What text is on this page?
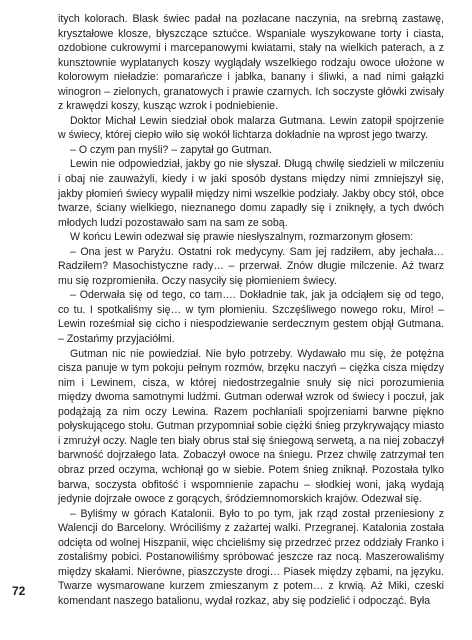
itych kolorach. Blask świec padał na pozłacane naczynia, na srebrną zastawę, kryształowe klosze, błyszczące sztućce. Wspaniale wyszykowane torty i ciasta, ozdobione cukrowymi i marcepanowymi kwiatami, stały na wielkich paterach, a z kunsztownie wyplatanych koszy wyglądały wszelkiego rodzaju owoce ułożone w kolorowym nieładzie: pomarańcze i jabłka, banany i śliwki, a nad nimi gałązki winogron – zielonych, granatowych i prawie czarnych. Ich soczyste główki zwisały z krawędzi koszy, kusząc wzrok i podniebienie.

Doktor Michał Lewin siedział obok malarza Gutmana. Lewin zatopił spojrzenie w świecy, której ciepło wiło się wokół lichtarza dokładnie na wprost jego twarzy.

– O czym pan myśli? – zapytał go Gutman.

Lewin nie odpowiedział, jakby go nie słyszał. Długą chwilę siedzieli w milczeniu i obaj nie zauważyli, kiedy i w jaki sposób dystans między nimi zmniejszył się, jakby płomień świecy wypalił między nimi wszelkie podziały. Jakby obcy stół, obce twarze, ściany wielkiego, nieznanego domu zapadły się i zniknęły, a tych dwóch młodych ludzi pozostawało sam na sam ze sobą.

W końcu Lewin odezwał się prawie niesłyszalnym, rozmarzonym głosem:

– Ona jest w Paryżu. Ostatni rok medycyny. Sam jej radziłem, aby jechała… Radziłem? Masochistyczne rady… – przerwał. Znów długie milczenie. Aż twarz mu się rozpromieniła. Oczy nasyciły się płomieniem świecy.

– Oderwała się od tego, co tam…. Dokładnie tak, jak ja odciąłem się od tego, co tu. I spotkaliśmy się… w tym płomieniu. Szczęśliwego nowego roku, Miro! – Lewin roześmiał się cicho i niespodziewanie serdecznym gestem objął Gutmana. – Zostańmy przyjaciółmi.

Gutman nic nie powiedział. Nie było potrzeby. Wydawało mu się, że potężna cisza panuje w tym pokoju pełnym rozmów, brzęku naczyń – ciężka cisza między nim i Lewinem, cisza, w której niedostrzegalnie snuły się nici porozumienia między dwoma samotnymi ludźmi. Gutman oderwał wzrok od świecy i poczuł, jak podążają za nim oczy Lewina. Razem pochłaniali spojrzeniami barwne piękno połyskującego stołu. Gutman przypomniał sobie ciężki śnieg przykrywający miasto i zmrużył oczy. Nagle ten biały obrus stał się śniegową serwetą, a na niej zobaczył barwność dojrzałego lata. Zobaczył owoce na śniegu. Przez chwilę zatrzymał ten obraz przed oczyma, wchłonął go w siebie. Potem śnieg zniknął. Pozostała tylko barwa, soczysta obfitość i wspomnienie zapachu – słodkiej woni, jaką wydają jedynie dojrzałe owoce z gorących, śródziemnomorskich krajów. Odezwał się.

– Byliśmy w górach Katalonii. Było to po tym, jak rząd został przeniesiony z Walencji do Barcelony. Wróciliśmy z zażartej walki. Przegranej. Katalonia została odcięta od wolnej Hiszpanii, więc chcieliśmy się przedrzeć przez oddziały Franko i zostaliśmy pobici. Postanowiliśmy spróbować jeszcze raz nocą. Maszerowaliśmy między skałami. Nierówne, piaszczyste drogi… Piasek między zębami, na języku. Twarze wysmarowane kurzem zmieszanym z potem… z krwią. Aż Miki, czeski komendant naszego batalionu, wydał rozkaz, aby się podzielić i odpocząć. Była

72
